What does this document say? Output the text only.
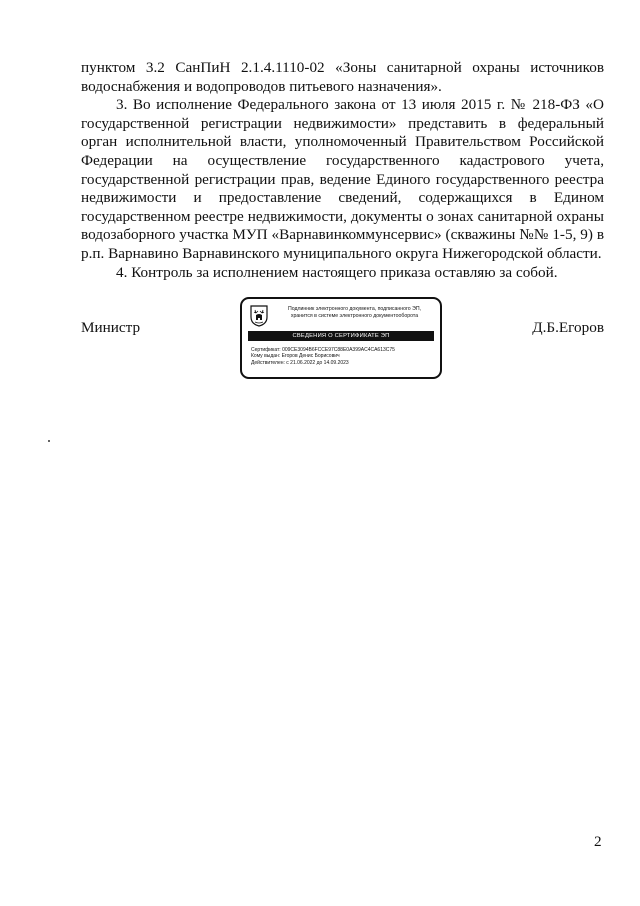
пунктом 3.2 СанПиН 2.1.4.1110-02 «Зоны санитарной охраны источников водоснабжения и водопроводов питьевого назначения».

3. Во исполнение Федерального закона от 13 июля 2015 г. № 218-ФЗ «О государственной регистрации недвижимости» представить в федеральный орган исполнительной власти, уполномоченный Правительством Российской Федерации на осуществление государственного кадастрового учета, государственной регистрации прав, ведение Единого государственного реестра недвижимости и предоставление сведений, содержащихся в Едином государственном реестре недвижимости, документы о зонах санитарной охраны водозаборного участка МУП «Варнавинкоммунсервис» (скважины №№ 1-5, 9) в р.п. Варнавино Варнавинского муниципального округа Нижегородской области.

4. Контроль за исполнением настоящего приказа оставляю за собой.

Министр
Подлинник электронного документа, подписанного ЭП,
хранится в системе электронного документооборота
СВЕДЕНИЯ О СЕРТИФИКАТЕ ЭП
Сертификат: 009CE3094B6FCCE97C88E0A399AC4CA613C75
Кому выдан: Егоров Денис Борисович
Действителен: с 21.06.2022 до 14.09.2023
Д.Б.Егоров
2
